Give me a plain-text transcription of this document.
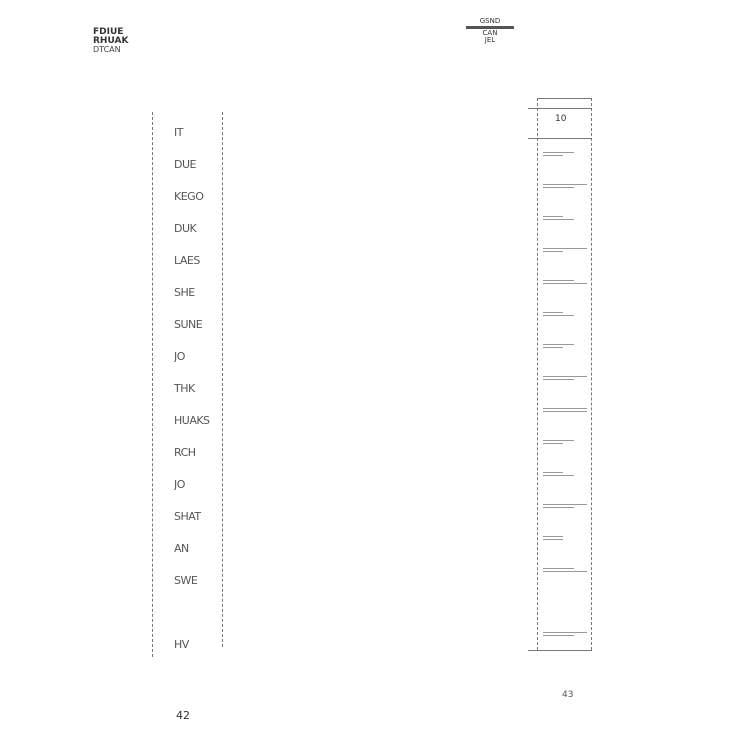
FDIUE
RHUAK
DTCAN
GSND
CAN
JEL
IT
DUE
KEGO
DUK
LAES
SHE
SUNE
JO
THK
HUAKS
RCH
JO
SHAT
AN
SWE
HV
10
42
43
